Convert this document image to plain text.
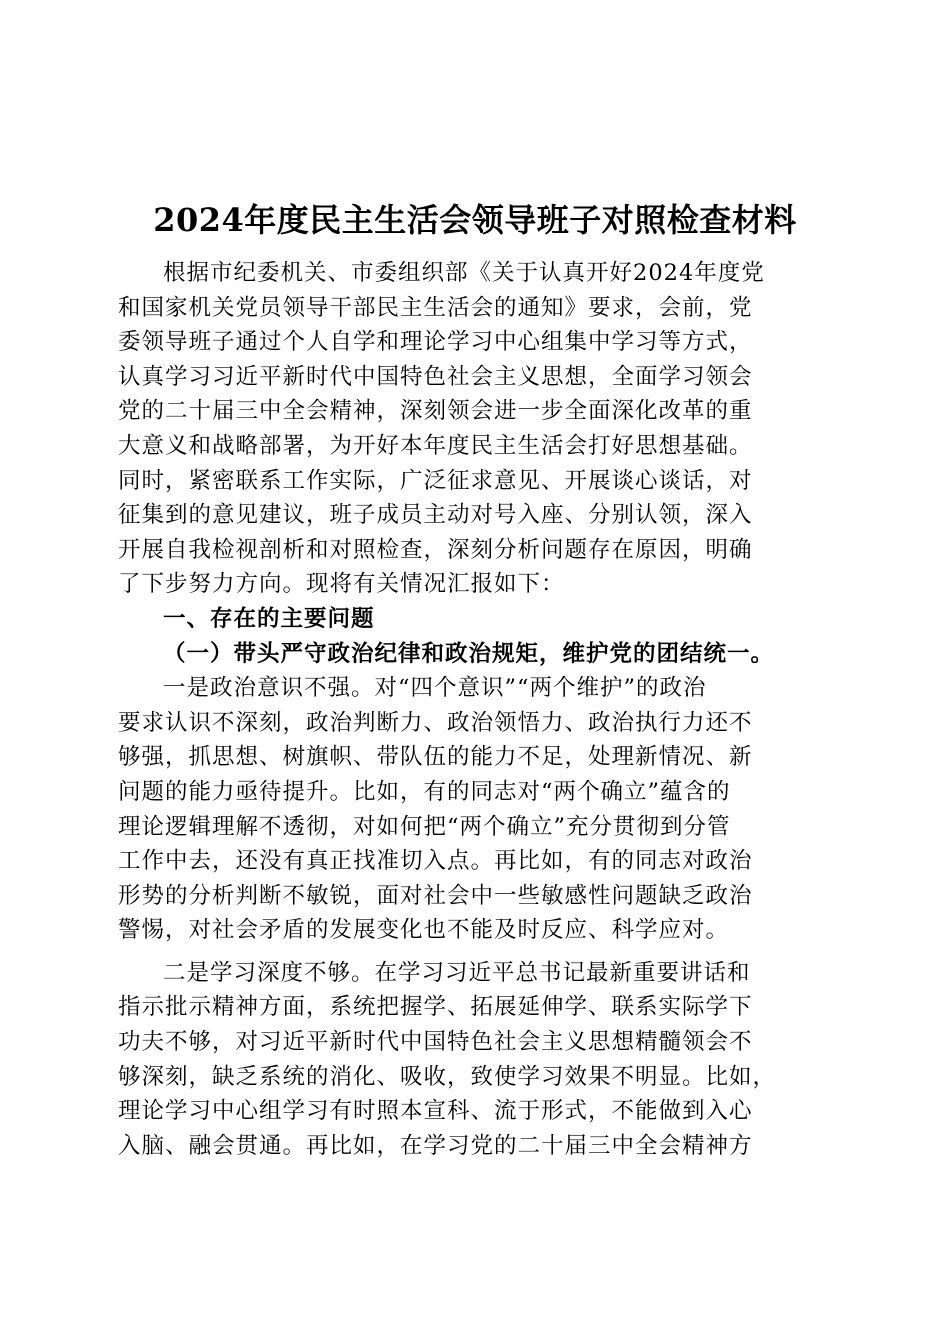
2024年度民主生活会领导班子对照检查材料
根据市纪委机关、市委组织部《关于认真开好2024年度党
和国家机关党员领导干部民主生活会的通知》要求，会前，党
委领导班子通过个人自学和理论学习中心组集中学习等方式，
认真学习习近平新时代中国特色社会主义思想，全面学习领会
党的二十届三中全会精神，深刻领会进一步全面深化改革的重
大意义和战略部署，为开好本年度民主生活会打好思想基础。
同时，紧密联系工作实际，广泛征求意见、开展谈心谈话，对
征集到的意见建议，班子成员主动对号入座、分别认领，深入
开展自我检视剖析和对照检查，深刻分析问题存在原因，明确
了下步努力方向。现将有关情况汇报如下：
一、存在的主要问题
（一）带头严守政治纪律和政治规矩，维护党的团结统一。
一是政治意识不强。对“四个意识”“两个维护”的政治
要求认识不深刻，政治判断力、政治领悟力、政治执行力还不
够强，抓思想、树旗帜、带队伍的能力不足，处理新情况、新
问题的能力亟待提升。比如，有的同志对“两个确立”蕴含的
理论逻辑理解不透彻，对如何把“两个确立”充分贯彻到分管
工作中去，还没有真正找准切入点。再比如，有的同志对政治
形势的分析判断不敏锐，面对社会中一些敏感性问题缺乏政治
警惕，对社会矛盾的发展变化也不能及时反应、科学应对。
二是学习深度不够。在学习习近平总书记最新重要讲话和
指示批示精神方面，系统把握学、拓展延伸学、联系实际学下
功夫不够，对习近平新时代中国特色社会主义思想精髓领会不
够深刻，缺乏系统的消化、吸收，致使学习效果不明显。比如，
理论学习中心组学习有时照本宣科、流于形式，不能做到入心
入脑、融会贯通。再比如，在学习党的二十届三中全会精神方
